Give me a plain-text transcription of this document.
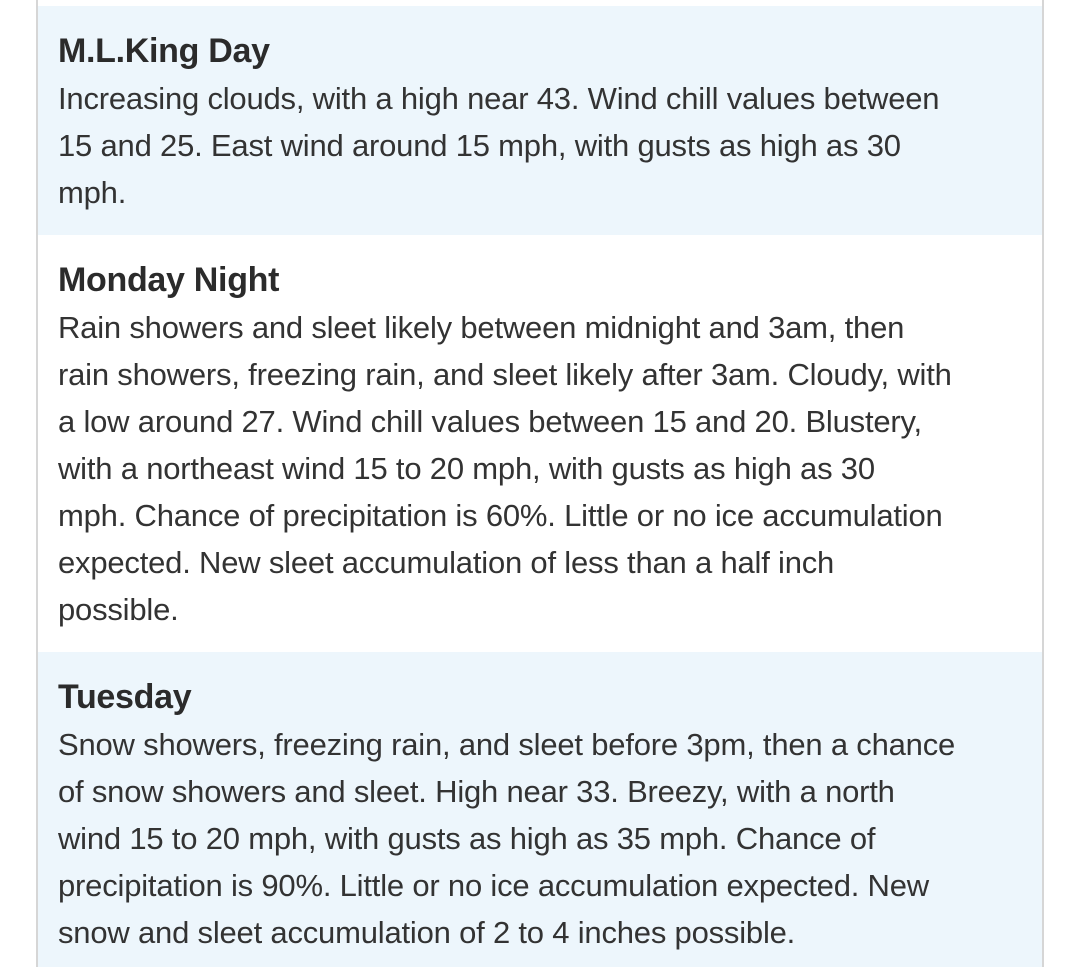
M.L.King Day
Increasing clouds, with a high near 43. Wind chill values between
15 and 25. East wind around 15 mph, with gusts as high as 30
mph.
Monday Night
Rain showers and sleet likely between midnight and 3am, then
rain showers, freezing rain, and sleet likely after 3am. Cloudy, with
a low around 27. Wind chill values between 15 and 20. Blustery,
with a northeast wind 15 to 20 mph, with gusts as high as 30
mph. Chance of precipitation is 60%. Little or no ice accumulation
expected. New sleet accumulation of less than a half inch
possible.
Tuesday
Snow showers, freezing rain, and sleet before 3pm, then a chance
of snow showers and sleet. High near 33. Breezy, with a north
wind 15 to 20 mph, with gusts as high as 35 mph. Chance of
precipitation is 90%. Little or no ice accumulation expected. New
snow and sleet accumulation of 2 to 4 inches possible.
